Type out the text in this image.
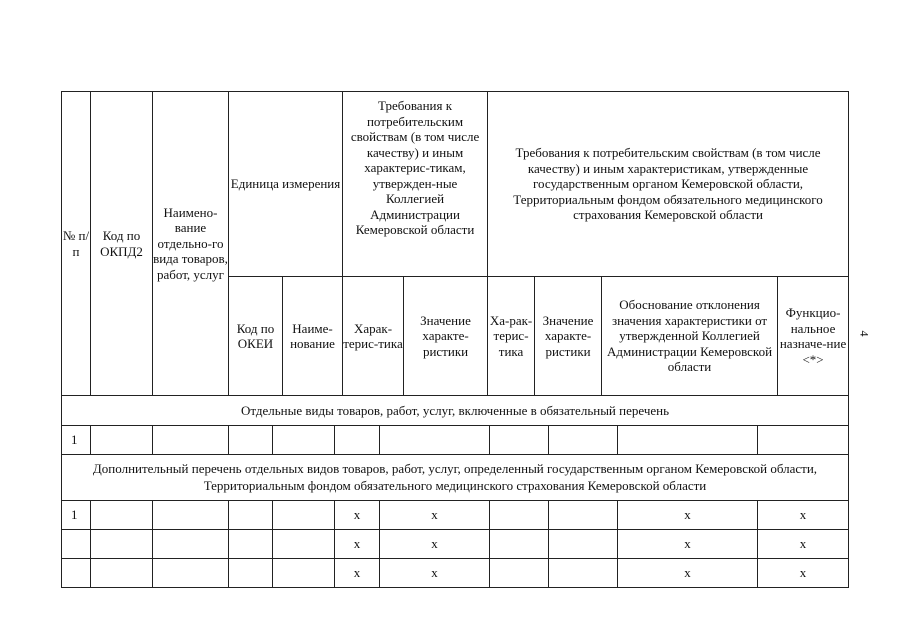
4
№ п/п	Код по ОКПД2	Наимено-вание отдельно-го вида товаров, работ, услуг	Единица измерения		Требования к потребительским свойствам (в том числе качеству) и иным характерис-тикам, утвержден-ные Коллегией Администрации Кемеровской области		Требования к потребительским свойствам (в том числе качеству) и иным характеристикам, утвержденные государственным органом Кемеровской области, Территориальным фондом обязательного медицинского страхования Кемеровской области			
			Код по ОКЕИ	Наиме-нование	Харак-терис-тика	Значение характе-ристики	Ха-рак-терис-тика	Значение характе-ристики	Обоснование отклонения значения характеристики от утвержденной Коллегией Администрации Кемеровской области	Функцио-нальное назначе-ние <*>
Отдельные виды товаров, работ, услуг, включенные в обязательный перечень
1										
Дополнительный перечень отдельных видов товаров, работ, услуг, определенный государственным органом Кемеровской области, Территориальным фондом обязательного медицинского страхования Кемеровской области
1					x	x			x	x
					x	x			x	x
					x	x			x	x
